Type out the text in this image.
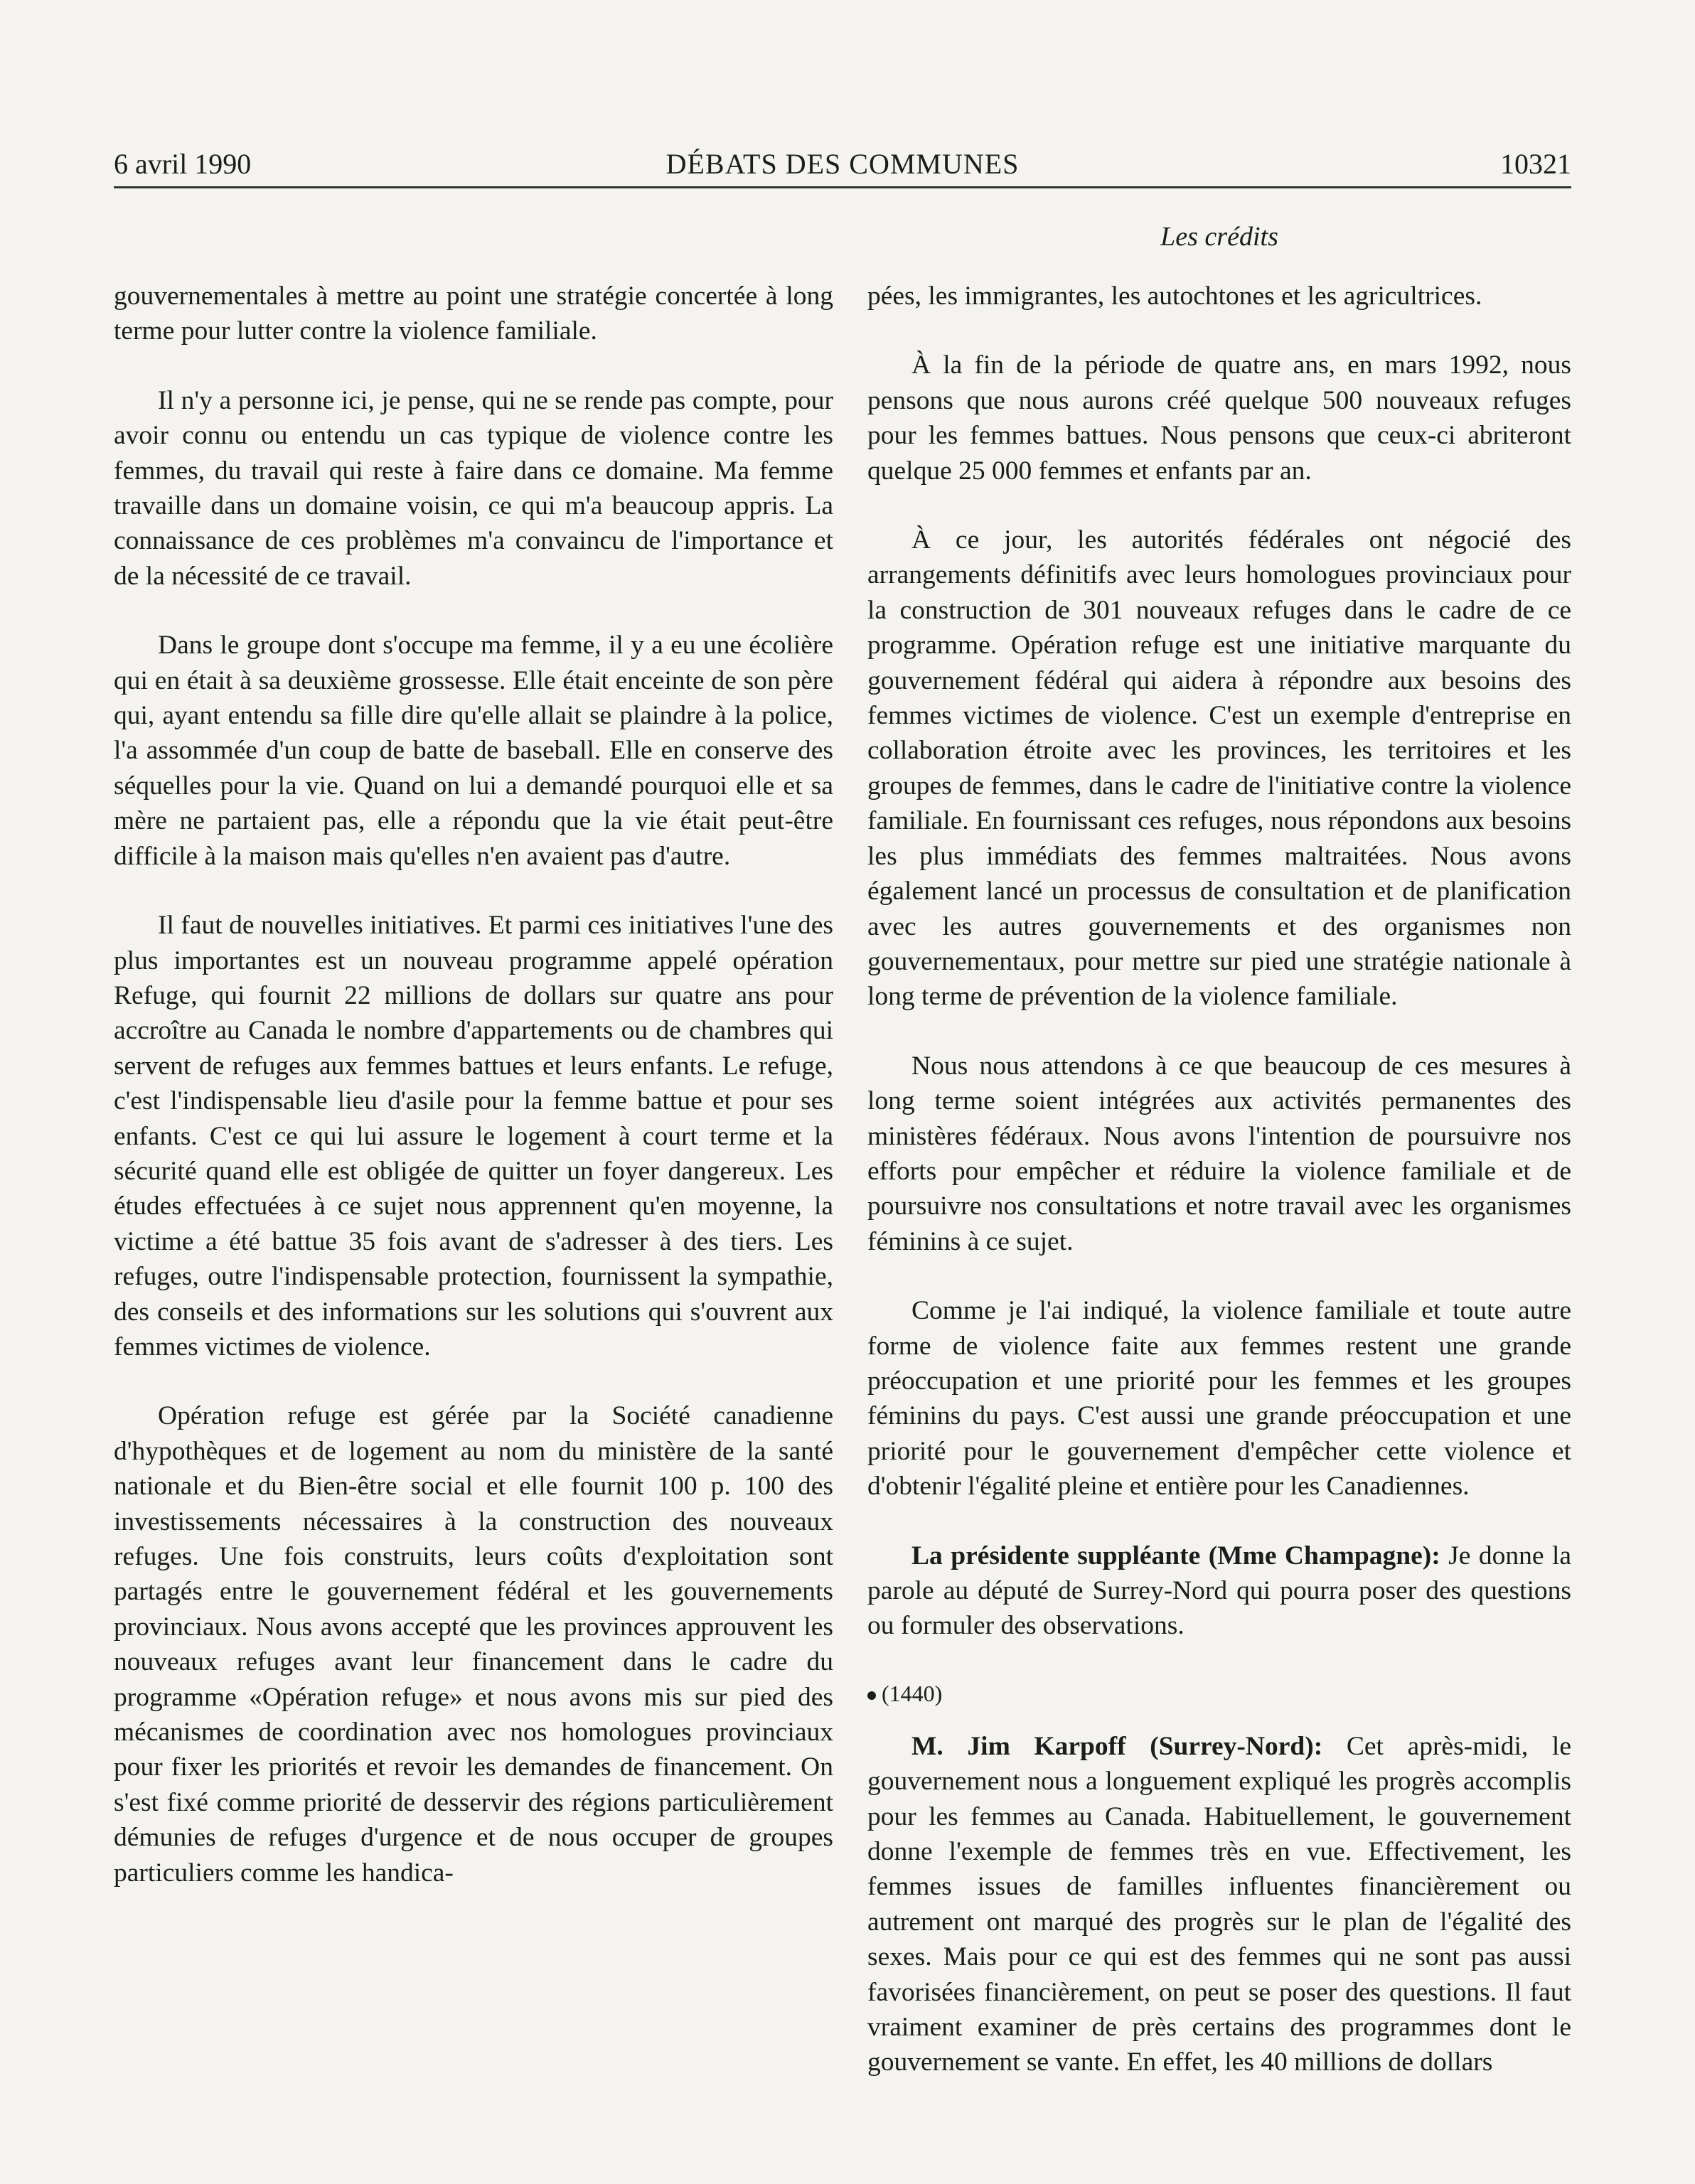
6 avril 1990	DÉBATS DES COMMUNES	10321
Les crédits

gouvernementales à mettre au point une stratégie concertée à long terme pour lutter contre la violence familiale.

Il n'y a personne ici, je pense, qui ne se rende pas compte, pour avoir connu ou entendu un cas typique de violence contre les femmes, du travail qui reste à faire dans ce domaine. Ma femme travaille dans un domaine voisin, ce qui m'a beaucoup appris. La connaissance de ces problèmes m'a convaincu de l'importance et de la nécessité de ce travail.

Dans le groupe dont s'occupe ma femme, il y a eu une écolière qui en était à sa deuxième grossesse. Elle était enceinte de son père qui, ayant entendu sa fille dire qu'elle allait se plaindre à la police, l'a assommée d'un coup de batte de baseball. Elle en conserve des séquelles pour la vie. Quand on lui a demandé pourquoi elle et sa mère ne partaient pas, elle a répondu que la vie était peut-être difficile à la maison mais qu'elles n'en avaient pas d'autre.

Il faut de nouvelles initiatives. Et parmi ces initiatives l'une des plus importantes est un nouveau programme appelé opération Refuge, qui fournit 22 millions de dollars sur quatre ans pour accroître au Canada le nombre d'appartements ou de chambres qui servent de refuges aux femmes battues et leurs enfants. Le refuge, c'est l'indispensable lieu d'asile pour la femme battue et pour ses enfants. C'est ce qui lui assure le logement à court terme et la sécurité quand elle est obligée de quitter un foyer dangereux. Les études effectuées à ce sujet nous apprennent qu'en moyenne, la victime a été battue 35 fois avant de s'adresser à des tiers. Les refuges, outre l'indispensable protection, fournissent la sympathie, des conseils et des informations sur les solutions qui s'ouvrent aux femmes victimes de violence.

Opération refuge est gérée par la Société canadienne d'hypothèques et de logement au nom du ministère de la santé nationale et du Bien-être social et elle fournit 100 p. 100 des investissements nécessaires à la construction des nouveaux refuges. Une fois construits, leurs coûts d'exploitation sont partagés entre le gouvernement fédéral et les gouvernements provinciaux. Nous avons accepté que les provinces approuvent les nouveaux refuges avant leur financement dans le cadre du programme «Opération refuge» et nous avons mis sur pied des mécanismes de coordination avec nos homologues provinciaux pour fixer les priorités et revoir les demandes de financement. On s'est fixé comme priorité de desservir des régions particulièrement démunies de refuges d'urgence et de nous occuper de groupes particuliers comme les handica-

pées, les immigrantes, les autochtones et les agricultrices.

À la fin de la période de quatre ans, en mars 1992, nous pensons que nous aurons créé quelque 500 nouveaux refuges pour les femmes battues. Nous pensons que ceux-ci abriteront quelque 25 000 femmes et enfants par an.

À ce jour, les autorités fédérales ont négocié des arrangements définitifs avec leurs homologues provinciaux pour la construction de 301 nouveaux refuges dans le cadre de ce programme. Opération refuge est une initiative marquante du gouvernement fédéral qui aidera à répondre aux besoins des femmes victimes de violence. C'est un exemple d'entreprise en collaboration étroite avec les provinces, les territoires et les groupes de femmes, dans le cadre de l'initiative contre la violence familiale. En fournissant ces refuges, nous répondons aux besoins les plus immédiats des femmes maltraitées. Nous avons également lancé un processus de consultation et de planification avec les autres gouvernements et des organismes non gouvernementaux, pour mettre sur pied une stratégie nationale à long terme de prévention de la violence familiale.

Nous nous attendons à ce que beaucoup de ces mesures à long terme soient intégrées aux activités permanentes des ministères fédéraux. Nous avons l'intention de poursuivre nos efforts pour empêcher et réduire la violence familiale et de poursuivre nos consultations et notre travail avec les organismes féminins à ce sujet.

Comme je l'ai indiqué, la violence familiale et toute autre forme de violence faite aux femmes restent une grande préoccupation et une priorité pour les femmes et les groupes féminins du pays. C'est aussi une grande préoccupation et une priorité pour le gouvernement d'empêcher cette violence et d'obtenir l'égalité pleine et entière pour les Canadiennes.

La présidente suppléante (Mme Champagne): Je donne la parole au député de Surrey-Nord qui pourra poser des questions ou formuler des observations.

(1440)

M. Jim Karpoff (Surrey-Nord): Cet après-midi, le gouvernement nous a longuement expliqué les progrès accomplis pour les femmes au Canada. Habituellement, le gouvernement donne l'exemple de femmes très en vue. Effectivement, les femmes issues de familles influentes financièrement ou autrement ont marqué des progrès sur le plan de l'égalité des sexes. Mais pour ce qui est des femmes qui ne sont pas aussi favorisées financièrement, on peut se poser des questions. Il faut vraiment examiner de près certains des programmes dont le gouvernement se vante. En effet, les 40 millions de dollars
